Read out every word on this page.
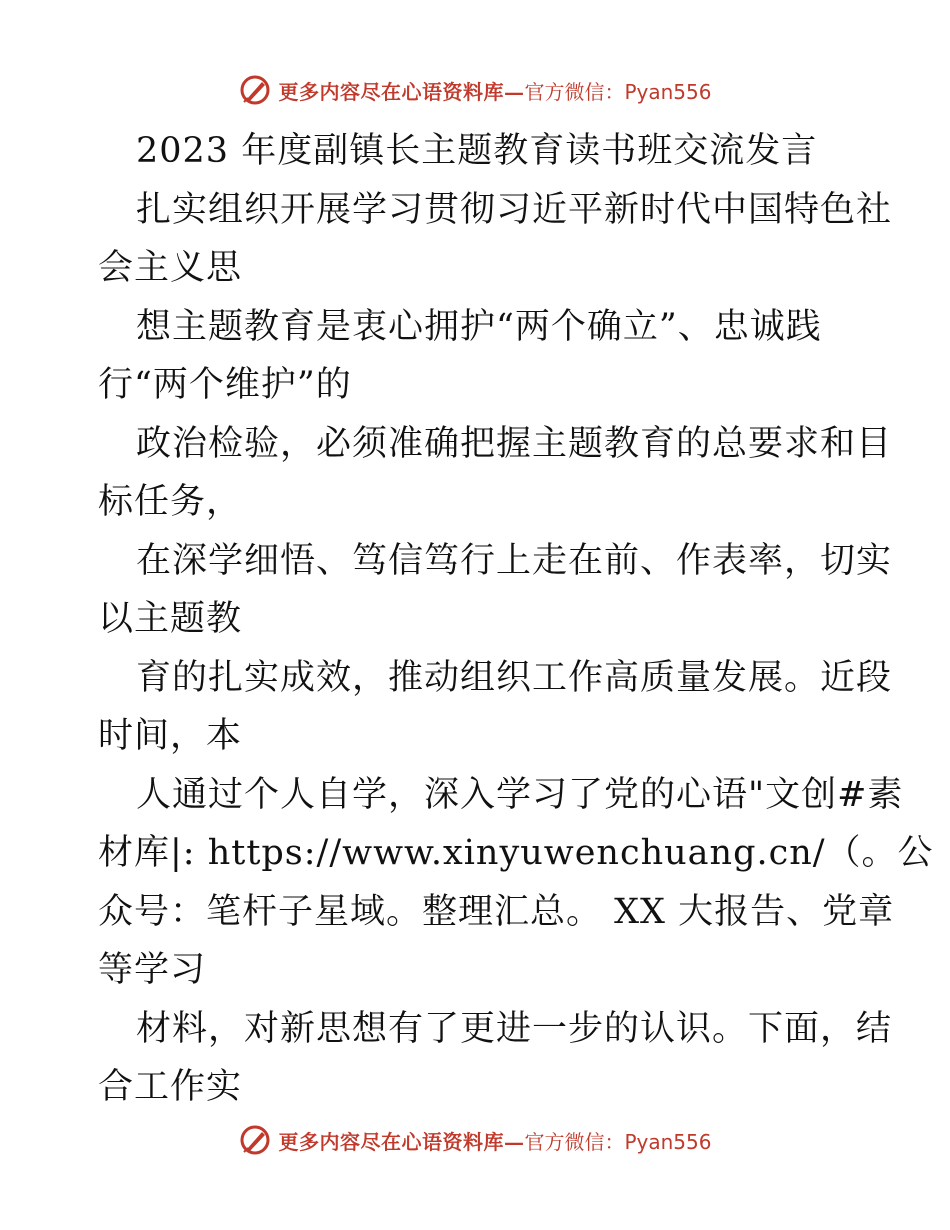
更多内容尽在心语资料库— 官方微信：Pyan556
2023 年度副镇长主题教育读书班交流发言
扎实组织开展学习贯彻习近平新时代中国特色社
会主义思
想主题教育是衷心拥护“两个确立”、忠诚践
行“两个维护”的
政治检验，必须准确把握主题教育的总要求和目
标任务，
在深学细悟、笃信笃行上走在前、作表率，切实
以主题教
育的扎实成效，推动组织工作高质量发展。近段
时间，本
人通过个人自学，深入学习了党的心语"文创#素
材库|: https://www.xinyuwenchuang.cn/（。公
众号：笔杆子星域。整理汇总。 XX 大报告、党章
等学习
材料，对新思想有了更进一步的认识。下面，结
合工作实
更多内容尽在心语资料库— 官方微信：Pyan556
